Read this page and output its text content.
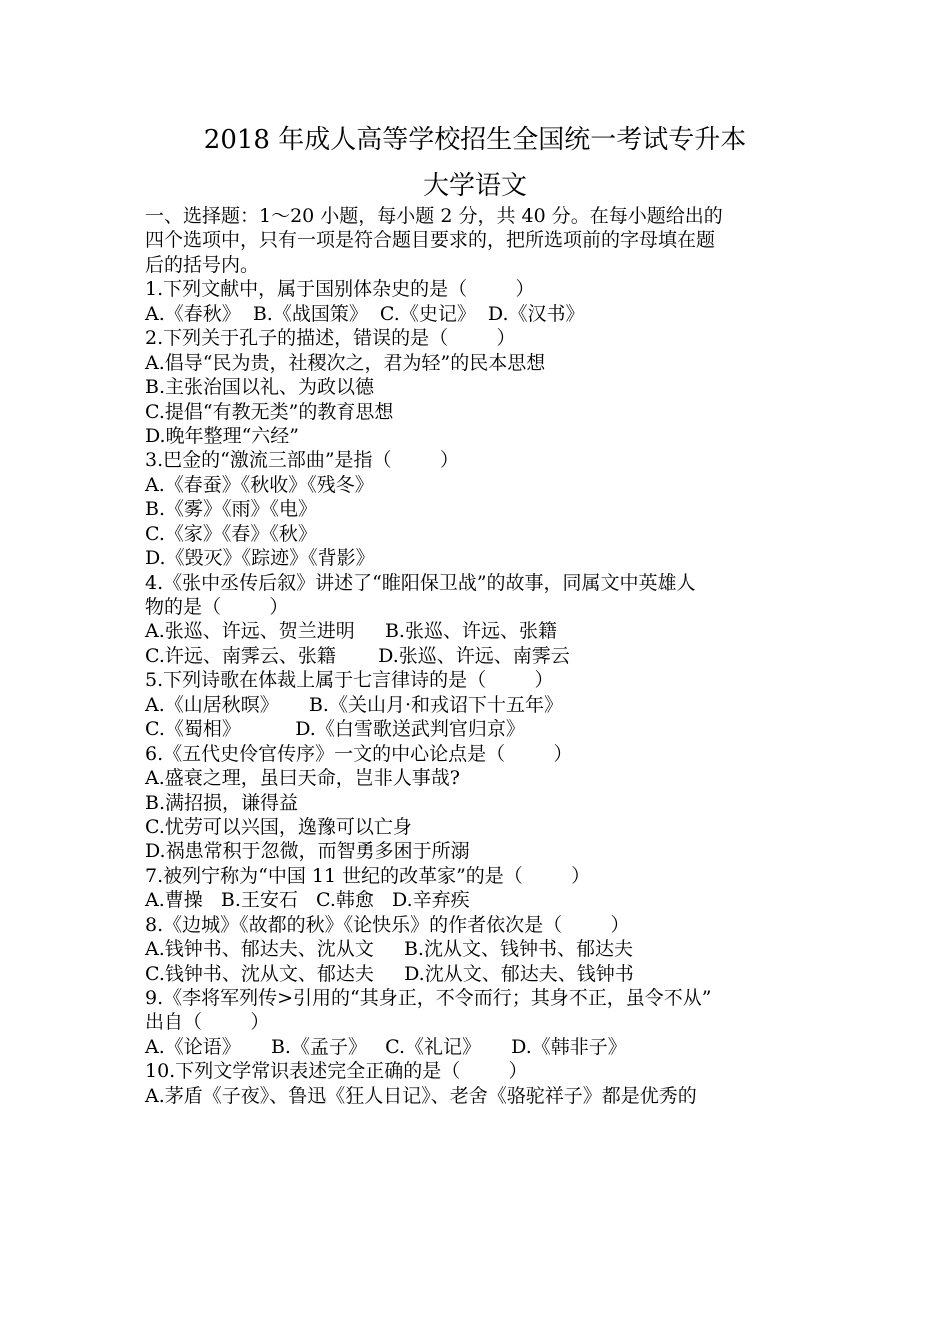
2018 年成人高等学校招生全国统一考试专升本
大学语文
一、选择题：1～20 小题，每小题 2 分，共 40 分。在每小题给出的
四个选项中，只有一项是符合题目要求的，把所选项前的字母填在题
后的括号内。
1.下列文献中，属于国别体杂史的是（        ）
A.《春秋》  B.《战国策》  C.《史记》  D.《汉书》
2.下列关于孔子的描述，错误的是（        ）
A.倡导“民为贵，社稷次之，君为轻”的民本思想
B.主张治国以礼、为政以德
C.提倡“有教无类”的教育思想
D.晚年整理“六经”
3.巴金的“激流三部曲”是指（        ）
A.《春蚕》《秋收》《残冬》
B.《雾》《雨》《电》
C.《家》《春》《秋》
D.《毁灭》《踪迹》《背影》
4.《张中丞传后叙》讲述了“睢阳保卫战”的故事，同属文中英雄人
物的是（        ）
A.张巡、许远、贺兰进明     B.张巡、许远、张籍
C.许远、南霁云、张籍       D.张巡、许远、南霁云
5.下列诗歌在体裁上属于七言律诗的是（        ）
A.《山居秋暝》     B.《关山月·和戎诏下十五年》
C.《蜀相》         D.《白雪歌送武判官归京》
6.《五代史伶官传序》一文的中心论点是（        ）
A.盛衰之理，虽曰天命，岂非人事哉?
B.满招损，谦得益
C.忧劳可以兴国，逸豫可以亡身
D.祸患常积于忽微，而智勇多困于所溺
7.被列宁称为“中国 11 世纪的改革家”的是（        ）
A.曹操   B.王安石   C.韩愈   D.辛弃疾
8.《边城》《故都的秋》《论快乐》的作者依次是（        ）
A.钱钟书、郁达夫、沈从文     B.沈从文、钱钟书、郁达夫
C.钱钟书、沈从文、郁达夫     D.沈从文、郁达夫、钱钟书
9.《李将军列传>引用的“其身正，不令而行；其身不正，虽令不从”
出自（        ）
A.《论语》     B.《孟子》   C.《礼记》     D.《韩非子》
10.下列文学常识表述完全正确的是（        ）
A.茅盾《子夜》、鲁迅《狂人日记》、老舍《骆驼祥子》都是优秀的
